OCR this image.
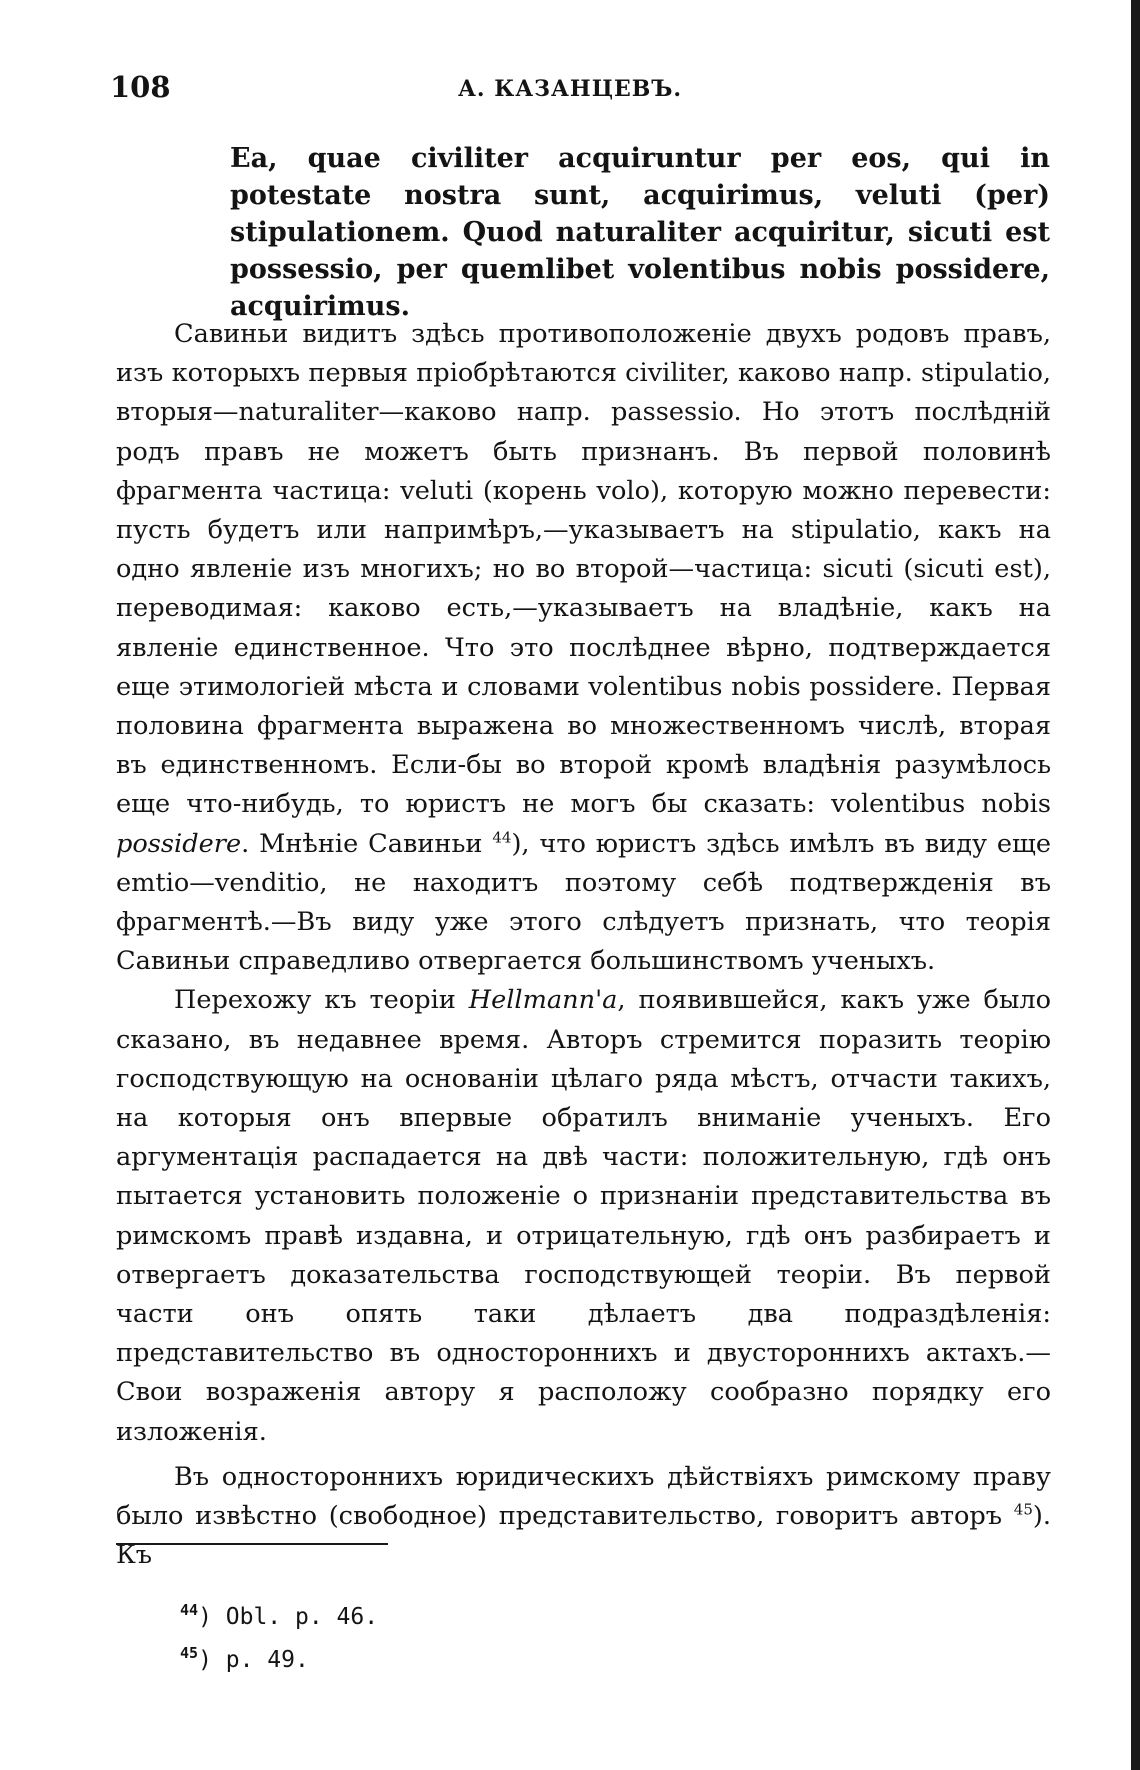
108	А. КАЗАНЦЕВЪ.
Ea, quae civiliter acquiruntur per eos, qui in potestate nostra sunt, acquirimus, veluti (per) stipulationem. Quod naturaliter acquiritur, sicuti est possessio, per quemlibet volentibus nobis possidere, acquirimus.

Савиньи видитъ здѣсь противоположеніе двухъ родовъ правъ, изъ которыхъ первыя пріобрѣтаются civiliter, каково напр. stipulatio, вторыя—naturaliter—каково напр. passessio. Но этотъ послѣдній родъ правъ не можетъ быть признанъ. Въ первой половинѣ фрагмента частица: veluti (корень volo), которую можно перевести: пусть будетъ или напримѣръ,—указываетъ на stipulatio, какъ на одно явленіе изъ многихъ; но во второй—частица: sicuti (sicuti est), переводимая: каково есть,—указываетъ на владѣніе, какъ на явленіе единственное. Что это послѣднее вѣрно, подтверждается еще этимологіей мѣста и словами volentibus nobis possidere. Первая половина фрагмента выражена во множественномъ числѣ, вторая въ единственномъ. Если-бы во второй кромѣ владѣнія разумѣлось еще что-нибудь, то юристъ не могъ бы сказать: volentibus nobis possidere. Мнѣніе Савиньи $^{44}$), что юристъ здѣсь имѣлъ въ виду еще emtio—venditio, не находитъ поэтому себѣ подтвержденія въ фрагментѣ.—Въ виду уже этого слѣдуетъ признать, что теорія Савиньи справедливо отвергается большинствомъ ученыхъ.

Перехожу къ теоріи Hellmann'a, появившейся, какъ уже было сказано, въ недавнее время. Авторъ стремится поразить теорію господствующую на основаніи цѣлаго ряда мѣстъ, отчасти такихъ, на которыя онъ впервые обратилъ вниманіе ученыхъ. Его аргументація распадается на двѣ части: положительную, гдѣ онъ пытается установить положеніе о признаніи представительства въ римскомъ правѣ издавна, и отрицательную, гдѣ онъ разбираетъ и отвергаетъ доказательства господствующей теоріи. Въ первой части онъ опять таки дѣлаетъ два подраздѣленія: представительство въ одностороннихъ и двустороннихъ актахъ.—Свои возраженія автору я расположу сообразно порядку его изложенія.

Въ одностороннихъ юридическихъ дѣйствіяхъ римскому праву было извѣстно (свободное) представительство, говоритъ авторъ $^{45}$). Къ

$^{44}$) Obl. p. 46.
$^{45}$) p. 49.
